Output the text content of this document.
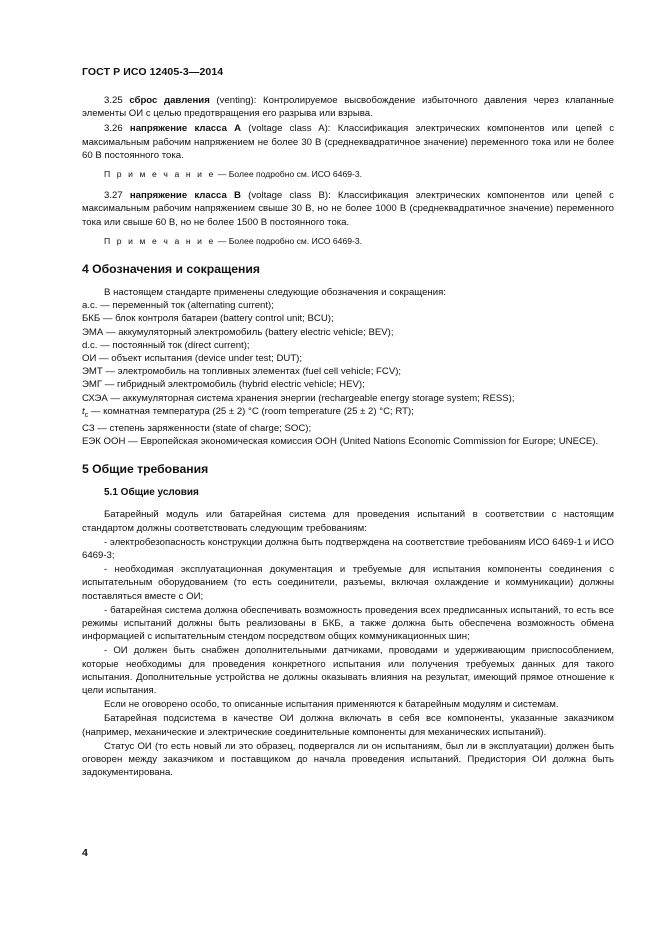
ГОСТ Р ИСО 12405-3—2014

3.25 сброс давления (venting): Контролируемое высвобождение избыточного давления через клапанные элементы ОИ с целью предотвращения его разрыва или взрыва.

3.26 напряжение класса А (voltage class A): Классификация электрических компонентов или цепей с максимальным рабочим напряжением не более 30 В (среднеквадратичное значение) переменного тока или не более 60 В постоянного тока.

П р и м е ч а н и е — Более подробно см. ИСО 6469-3.

3.27 напряжение класса В (voltage class B): Классификация электрических компонентов или цепей с максимальным рабочим напряжением свыше 30 В, но не более 1000 В (среднеквадратичное значение) переменного тока или свыше 60 В, но не более 1500 В постоянного тока.

П р и м е ч а н и е — Более подробно см. ИСО 6469-3.

4 Обозначения и сокращения

В настоящем стандарте применены следующие обозначения и сокращения:

a.c. — переменный ток (alternating current);

БКБ — блок контроля батареи (battery control unit; BCU);

ЭМА — аккумуляторный электромобиль (battery electric vehicle; BEV);

d.c. — постоянный ток (direct current);

ОИ — объект испытания (device under test; DUT);

ЭМТ — электромобиль на топливных элементах (fuel cell vehicle; FCV);

ЭМГ — гибридный электромобиль (hybrid electric vehicle; HEV);

СХЭА — аккумуляторная система хранения энергии (rechargeable energy storage system; RESS);

$t_c$ — комнатная температура (25 ± 2) °C (room temperature (25 ± 2) °C; RT);

СЗ — степень заряженности (state of charge; SOC);

ЕЭК ООН — Европейская экономическая комиссия ООН (United Nations Economic Commission for Europe; UNECE).

5 Общие требования
5.1 Общие условия

Батарейный модуль или батарейная система для проведения испытаний в соответствии с настоящим стандартом должны соответствовать следующим требованиям:

- электробезопасность конструкции должна быть подтверждена на соответствие требованиям ИСО 6469-1 и ИСО 6469-3;

- необходимая эксплуатационная документация и требуемые для испытания компоненты соединения с испытательным оборудованием (то есть соединители, разъемы, включая охлаждение и коммуникации) должны поставляться вместе с ОИ;

- батарейная система должна обеспечивать возможность проведения всех предписанных испытаний, то есть все режимы испытаний должны быть реализованы в БКБ, а также должна быть обеспечена возможность обмена информацией с испытательным стендом посредством общих коммуникационных шин;

- ОИ должен быть снабжен дополнительными датчиками, проводами и удерживающим приспособлением, которые необходимы для проведения конкретного испытания или получения требуемых данных для такого испытания. Дополнительные устройства не должны оказывать влияния на результат, имеющий прямое отношение к цели испытания.

Если не оговорено особо, то описанные испытания применяются к батарейным модулям и системам.

Батарейная подсистема в качестве ОИ должна включать в себя все компоненты, указанные заказчиком (например, механические и электрические соединительные компоненты для механических испытаний).

Статус ОИ (то есть новый ли это образец, подвергался ли он испытаниям, был ли в эксплуатации) должен быть оговорен между заказчиком и поставщиком до начала проведения испытаний. Предистория ОИ должна быть задокументирована.

4
